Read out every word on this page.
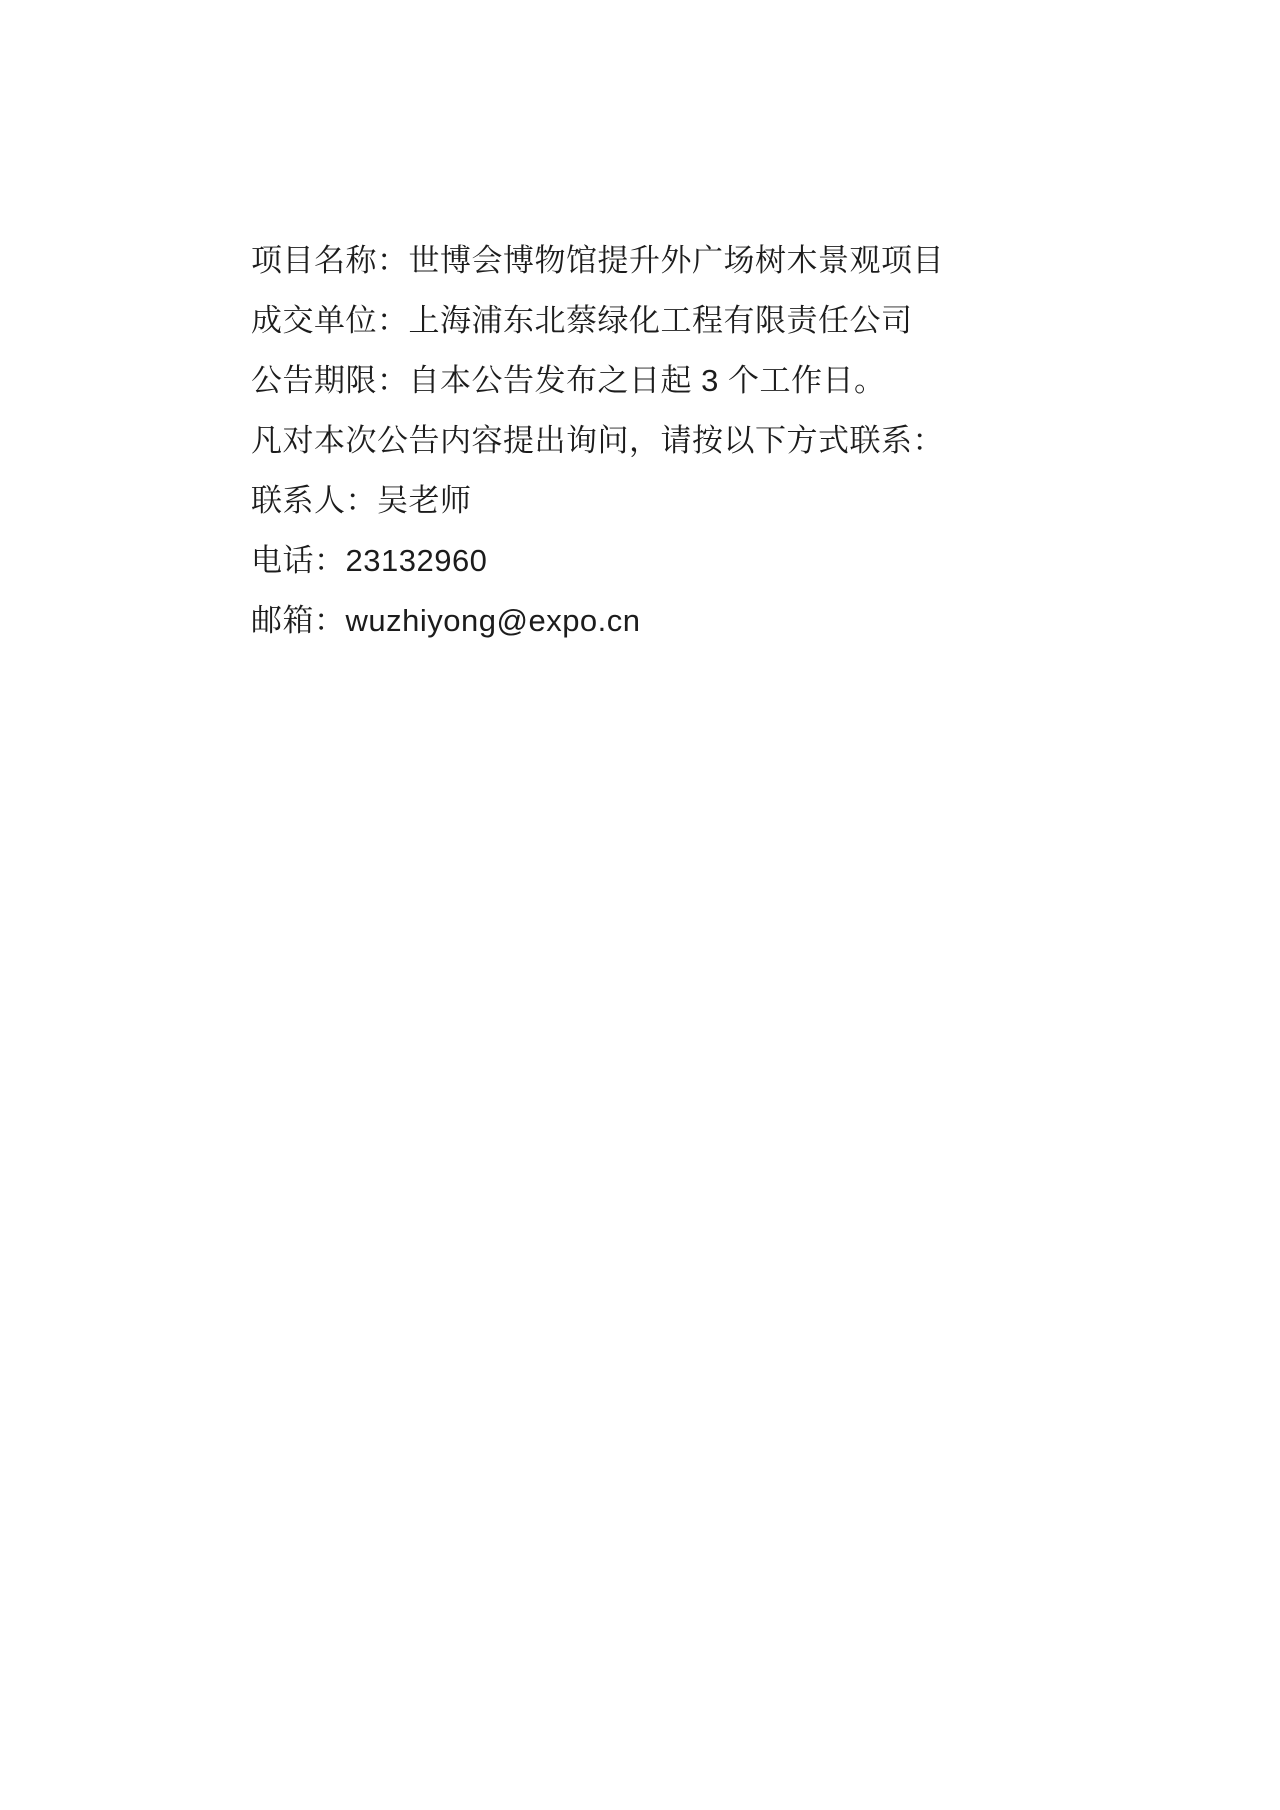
项目名称：世博会博物馆提升外广场树木景观项目

成交单位：上海浦东北蔡绿化工程有限责任公司

公告期限：自本公告发布之日起 3 个工作日。

凡对本次公告内容提出询问，请按以下方式联系：

联系人：吴老师

电话：23132960

邮箱：wuzhiyong@expo.cn
